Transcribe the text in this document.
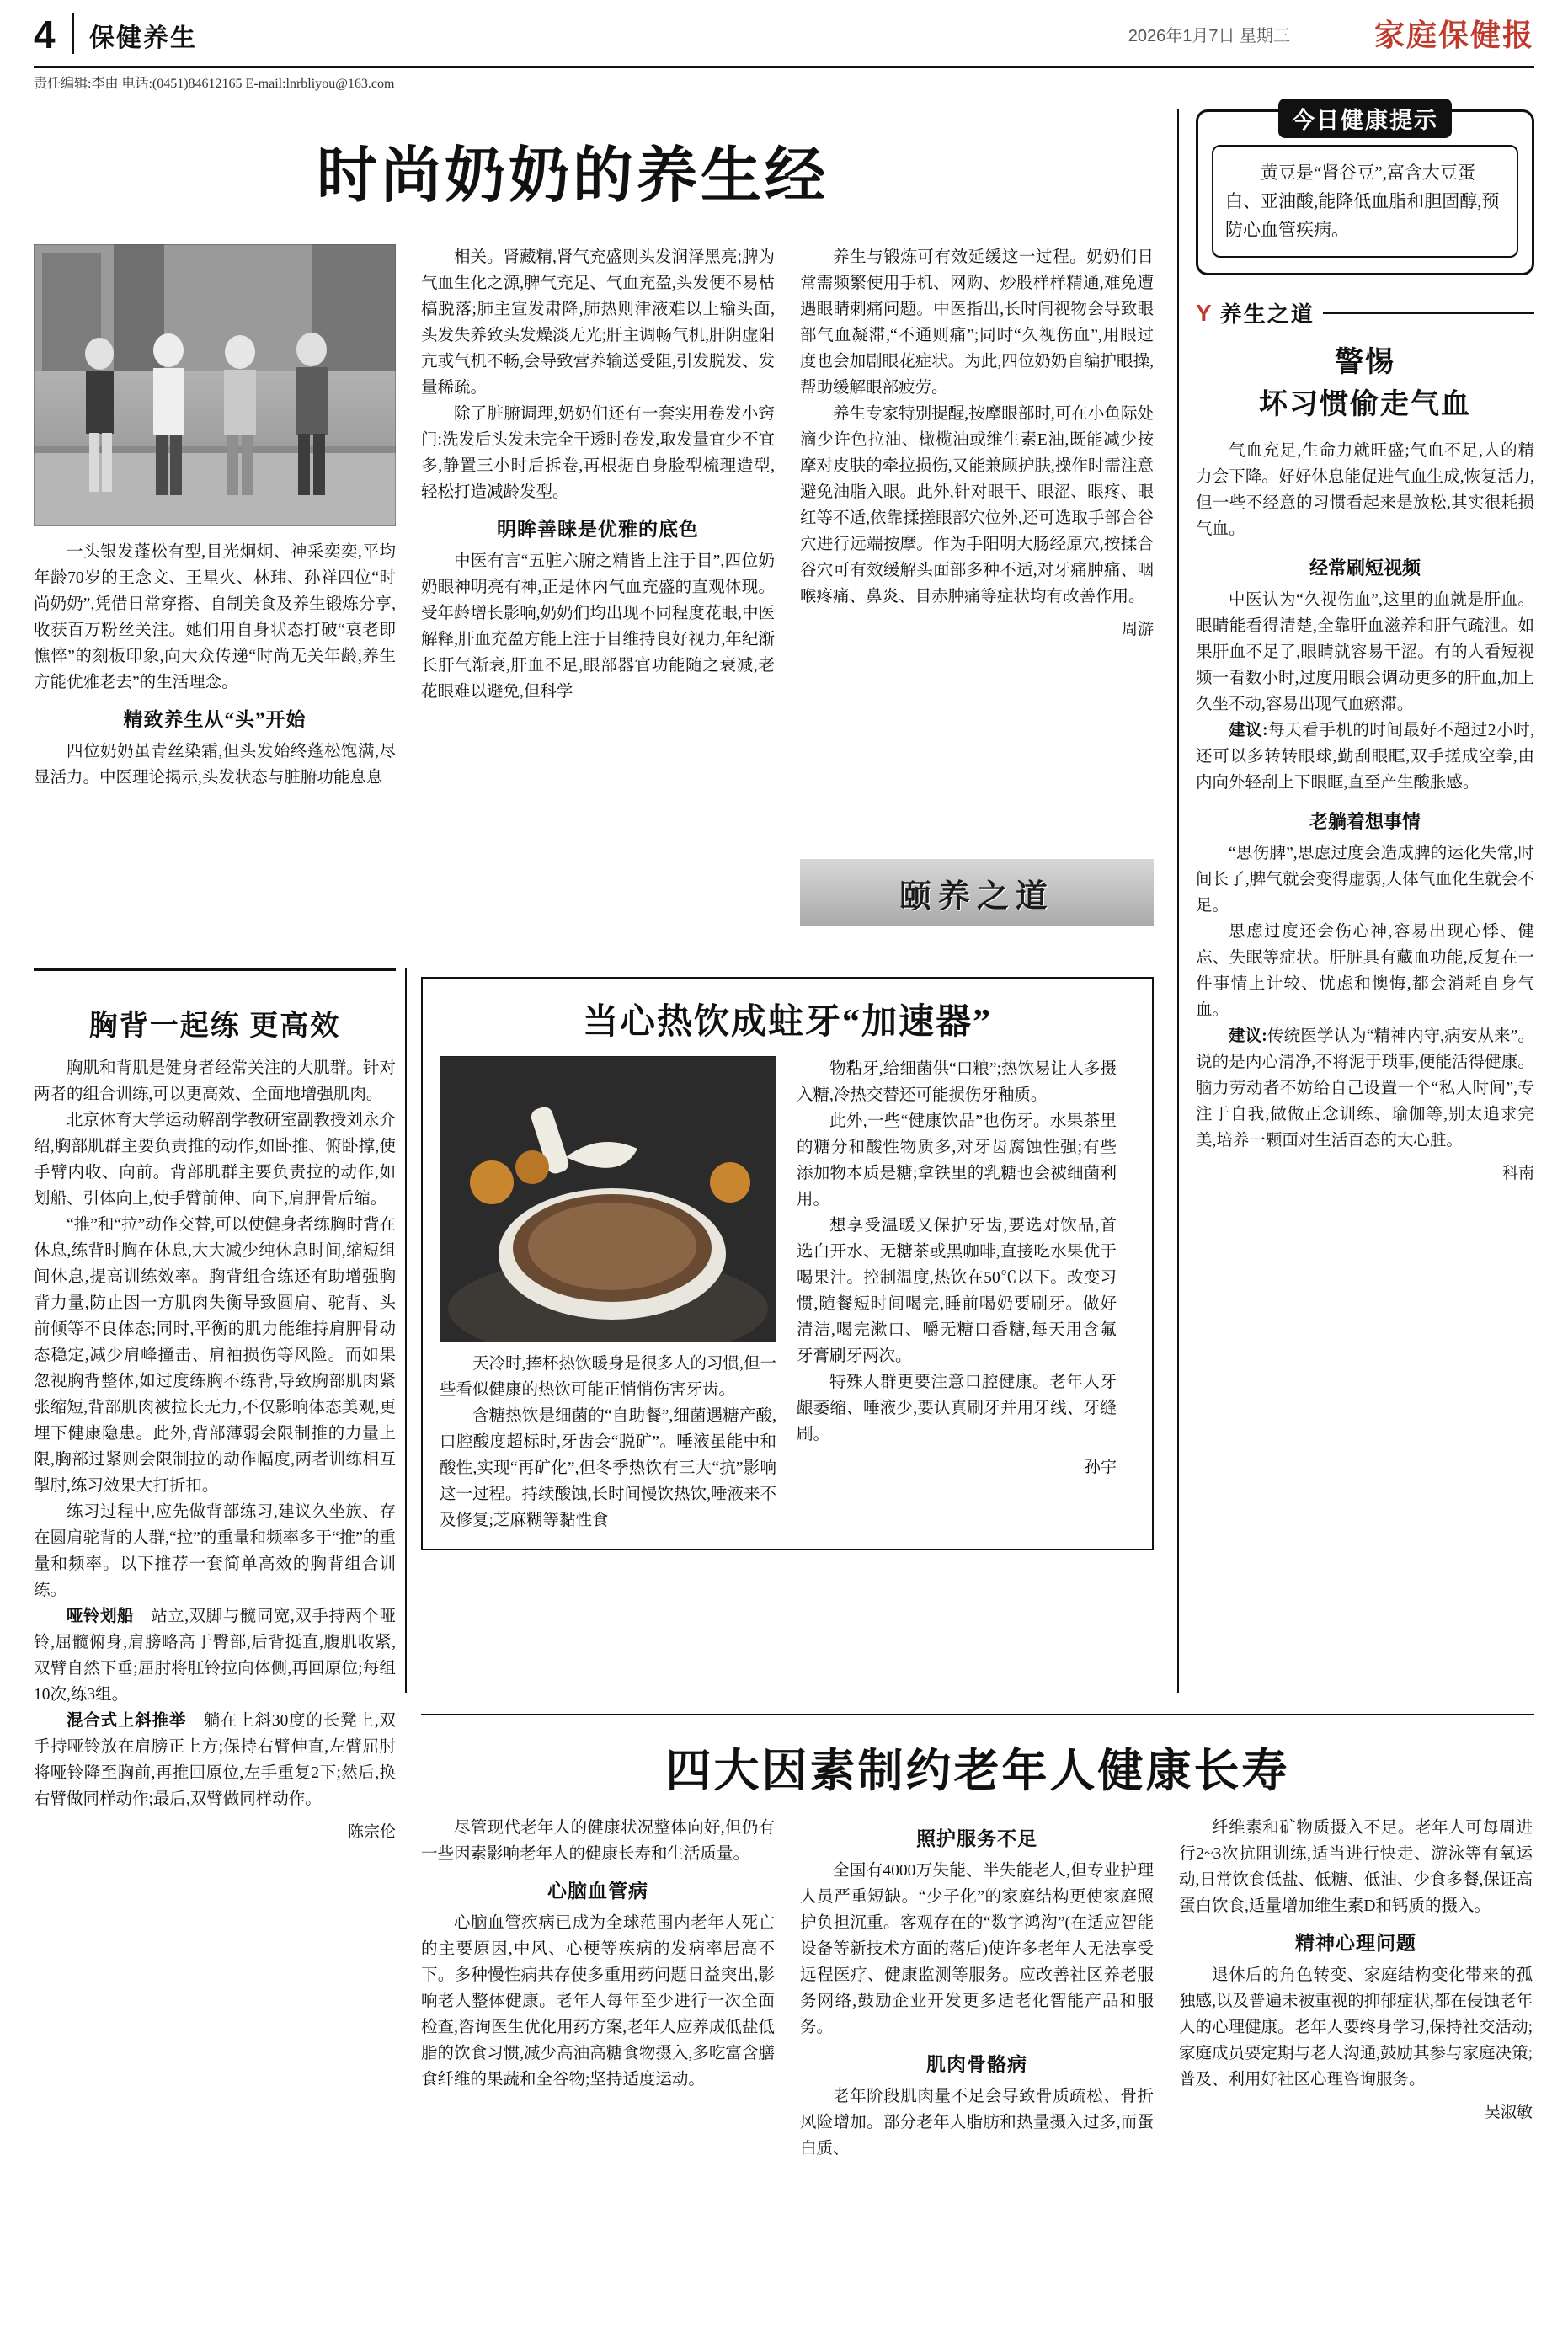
4 保健养生	2026年1月7日 星期三	家庭保健报
责任编辑:李由 电话:(0451)84612165 E-mail:lnrbliyou@163.com
时尚奶奶的养生经

一头银发蓬松有型,目光炯炯、神采奕奕,平均年龄70岁的王念文、王星火、林玮、孙祥四位“时尚奶奶”,凭借日常穿搭、自制美食及养生锻炼分享,收获百万粉丝关注。她们用自身状态打破“衰老即憔悴”的刻板印象,向大众传递“时尚无关年龄,养生方能优雅老去”的生活理念。

精致养生从“头”开始

四位奶奶虽青丝染霜,但头发始终蓬松饱满,尽显活力。中医理论揭示,头发状态与脏腑功能息息

相关。肾藏精,肾气充盛则头发润泽黑亮;脾为气血生化之源,脾气充足、气血充盈,头发便不易枯槁脱落;肺主宣发肃降,肺热则津液难以上输头面,头发失养致头发燥淡无光;肝主调畅气机,肝阴虚阳亢或气机不畅,会导致营养输送受阻,引发脱发、发量稀疏。

除了脏腑调理,奶奶们还有一套实用卷发小窍门:洗发后头发未完全干透时卷发,取发量宜少不宜多,静置三小时后拆卷,再根据自身脸型梳理造型,轻松打造减龄发型。

明眸善睐是优雅的底色

中医有言“五脏六腑之精皆上注于目”,四位奶奶眼神明亮有神,正是体内气血充盛的直观体现。受年龄增长影响,奶奶们均出现不同程度花眼,中医解释,肝血充盈方能上注于目维持良好视力,年纪渐长肝气渐衰,肝血不足,眼部器官功能随之衰减,老花眼难以避免,但科学

养生与锻炼可有效延缓这一过程。奶奶们日常需频繁使用手机、网购、炒股样样精通,难免遭遇眼睛刺痛问题。中医指出,长时间视物会导致眼部气血凝滞,“不通则痛”;同时“久视伤血”,用眼过度也会加剧眼花症状。为此,四位奶奶自编护眼操,帮助缓解眼部疲劳。

养生专家特别提醒,按摩眼部时,可在小鱼际处滴少许色拉油、橄榄油或维生素E油,既能减少按摩对皮肤的牵拉损伤,又能兼顾护肤,操作时需注意避免油脂入眼。此外,针对眼干、眼涩、眼疼、眼红等不适,依靠揉搓眼部穴位外,还可选取手部合谷穴进行远端按摩。作为手阳明大肠经原穴,按揉合谷穴可有效缓解头面部多种不适,对牙痛肿痛、咽喉疼痛、鼻炎、目赤肿痛等症状均有改善作用。

周游

颐养之道
今日健康提示
黄豆是“肾谷豆”,富含大豆蛋白、亚油酸,能降低血脂和胆固醇,预防心血管疾病。
Y 养生之道
警惕
坏习惯偷走气血

气血充足,生命力就旺盛;气血不足,人的精力会下降。好好休息能促进气血生成,恢复活力,但一些不经意的习惯看起来是放松,其实很耗损气血。

经常刷短视频

中医认为“久视伤血”,这里的血就是肝血。眼睛能看得清楚,全靠肝血滋养和肝气疏泄。如果肝血不足了,眼睛就容易干涩。有的人看短视频一看数小时,过度用眼会调动更多的肝血,加上久坐不动,容易出现气血瘀滞。

建议:每天看手机的时间最好不超过2小时,还可以多转转眼球,勤刮眼眶,双手搓成空拳,由内向外轻刮上下眼眶,直至产生酸胀感。

老躺着想事情

“思伤脾”,思虑过度会造成脾的运化失常,时间长了,脾气就会变得虚弱,人体气血化生就会不足。

思虑过度还会伤心神,容易出现心悸、健忘、失眠等症状。肝脏具有藏血功能,反复在一件事情上计较、忧虑和懊悔,都会消耗自身气血。

建议:传统医学认为“精神内守,病安从来”。说的是内心清净,不将泥于琐事,便能活得健康。脑力劳动者不妨给自己设置一个“私人时间”,专注于自我,做做正念训练、瑜伽等,别太追求完美,培养一颗面对生活百态的大心脏。

科南

胸背一起练 更高效

胸肌和背肌是健身者经常关注的大肌群。针对两者的组合训练,可以更高效、全面地增强肌肉。

北京体育大学运动解剖学教研室副教授刘永介绍,胸部肌群主要负责推的动作,如卧推、俯卧撑,使手臂内收、向前。背部肌群主要负责拉的动作,如划船、引体向上,使手臂前伸、向下,肩胛骨后缩。

“推”和“拉”动作交替,可以使健身者练胸时背在休息,练背时胸在休息,大大减少纯休息时间,缩短组间休息,提高训练效率。胸背组合练还有助增强胸背力量,防止因一方肌肉失衡导致圆肩、驼背、头前倾等不良体态;同时,平衡的肌力能维持肩胛骨动态稳定,减少肩峰撞击、肩袖损伤等风险。而如果忽视胸背整体,如过度练胸不练背,导致胸部肌肉紧张缩短,背部肌肉被拉长无力,不仅影响体态美观,更埋下健康隐患。此外,背部薄弱会限制推的力量上限,胸部过紧则会限制拉的动作幅度,两者训练相互掣肘,练习效果大打折扣。

练习过程中,应先做背部练习,建议久坐族、存在圆肩驼背的人群,“拉”的重量和频率多于“推”的重量和频率。以下推荐一套简单高效的胸背组合训练。

哑铃划船　 站立,双脚与髋同宽,双手持两个哑铃,屈髋俯身,肩膀略高于臀部,后背挺直,腹肌收紧,双臂自然下垂;屈肘将肛铃拉向体侧,再回原位;每组10次,练3组。

混合式上斜推举　 躺在上斜30度的长凳上,双手持哑铃放在肩膀正上方;保持右臂伸直,左臂屈肘将哑铃降至胸前,再推回原位,左手重复2下;然后,换右臂做同样动作;最后,双臂做同样动作。

陈宗伦

当心热饮成蛀牙“加速器”

天冷时,捧杯热饮暖身是很多人的习惯,但一些看似健康的热饮可能正悄悄伤害牙齿。

含糖热饮是细菌的“自助餐”,细菌遇糖产酸,口腔酸度超标时,牙齿会“脱矿”。唾液虽能中和酸性,实现“再矿化”,但冬季热饮有三大“抗”影响这一过程。持续酸蚀,长时间慢饮热饮,唾液来不及修复;芝麻糊等黏性食

物ާ粘牙,给细菌供“口粮”;热饮易让人多摄入糖,冷热交替还可能损伤牙釉质。

此外,一些“健康饮品”也伤牙。水果茶里的糖分和酸性物质多,对牙齿腐蚀性强;有些添加物本质是糖;拿铁里的乳糖也会被细菌利用。

想享受温暖又保护牙齿,要选对饮品,首选白开水、无糖茶或黑咖啡,直接吃水果优于喝果汁。控制温度,热饮在50℃以下。改变习惯,随餐短时间喝完,睡前喝奶要刷牙。做好清洁,喝完漱口、嚼无糖口香糖,每天用含氟牙膏刷牙两次。

特殊人群更要注意口腔健康。老年人牙龈萎缩、唾液少,要认真刷牙并用牙线、牙缝刷。

孙宇

四大因素制约老年人健康长寿

尽管现代老年人的健康状况整体向好,但仍有一些因素影响老年人的健康长寿和生活质量。

心脑血管病

心脑血管疾病已成为全球范围内老年人死亡的主要原因,中风、心梗等疾病的发病率居高不下。多种慢性病共存使多重用药问题日益突出,影响老人整体健康。老年人每年至少进行一次全面检查,咨询医生优化用药方案,老年人应养成低盐低脂的饮食习惯,减少高油高糖食物摄入,多吃富含膳食纤维的果蔬和全谷物;坚持适度运动。

照护服务不足

全国有4000万失能、半失能老人,但专业护理人员严重短缺。“少子化”的家庭结构更使家庭照护负担沉重。客观存在的“数字鸿沟”(在适应智能设备等新技术方面的落后)使许多老年人无法享受远程医疗、健康监测等服务。应改善社区养老服务网络,鼓励企业开发更多适老化智能产品和服务。

肌肉骨骼病

老年阶段肌肉量不足会导致骨质疏松、骨折风险增加。部分老年人脂肪和热量摄入过多,而蛋白质、

纤维素和矿物质摄入不足。老年人可每周进行2~3次抗阻训练,适当进行快走、游泳等有氧运动,日常饮食低盐、低糖、低油、少食多餐,保证高蛋白饮食,适量增加维生素D和钙质的摄入。

精神心理问题

退休后的角色转变、家庭结构变化带来的孤独感,以及普遍未被重视的抑郁症状,都在侵蚀老年人的心理健康。老年人要终身学习,保持社交活动;家庭成员要定期与老人沟通,鼓励其参与家庭决策;普及、利用好社区心理咨询服务。

吴淑敏
